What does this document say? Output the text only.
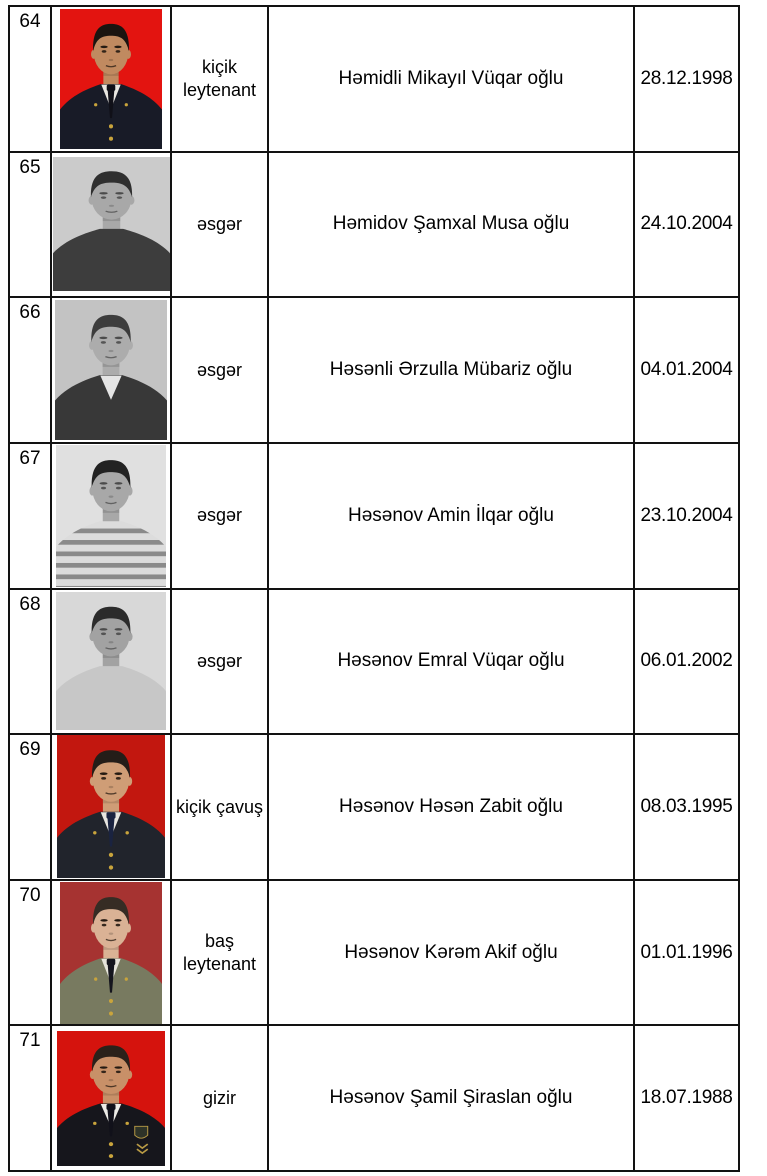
64
kiçik leytenant
Həmidli Mikayıl Vüqar oğlu	28.12.1998
65
əsgər	Həmidov Şamxal Musa oğlu	24.10.2004
66
əsgər	Həsənli Ərzulla Mübariz oğlu	04.01.2004
67
əsgər	Həsənov Amin İlqar oğlu	23.10.2004
68
əsgər	Həsənov Emral Vüqar oğlu	06.01.2002
69
kiçik çavuş	Həsənov Həsən Zabit oğlu	08.03.1995
70
baş leytenant
Həsənov Kərəm Akif oğlu	01.01.1996
71
gizir	Həsənov Şamil Şiraslan oğlu	18.07.1988
